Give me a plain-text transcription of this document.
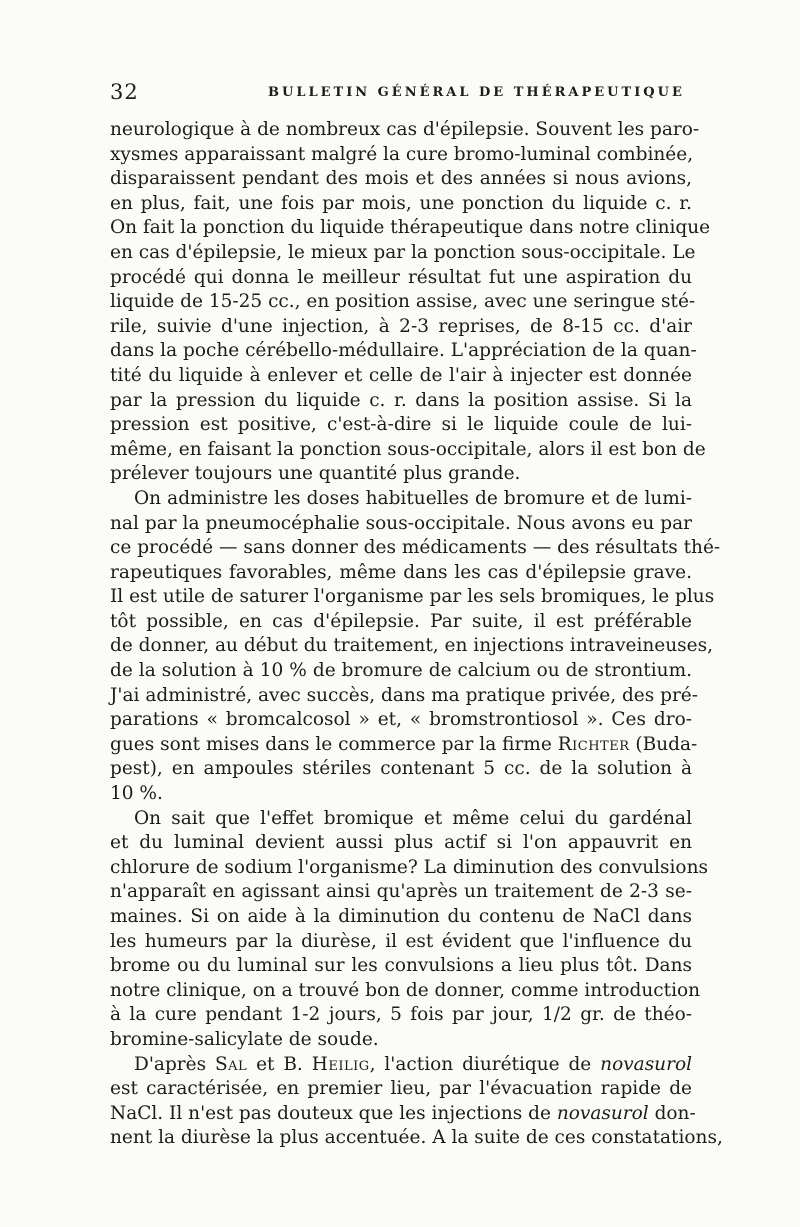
32	BULLETIN GÉNÉRAL DE THÉRAPEUTIQUE
neurologique à de nombreux cas d'épilepsie. Souvent les paro-
xysmes apparaissant malgré la cure bromo-luminal combinée,
disparaissent pendant des mois et des années si nous avions,
en plus, fait, une fois par mois, une ponction du liquide c. r.
On fait la ponction du liquide thérapeutique dans notre clinique
en cas d'épilepsie, le mieux par la ponction sous-occipitale. Le
procédé qui donna le meilleur résultat fut une aspiration du
liquide de 15-25 cc., en position assise, avec une seringue sté-
rile, suivie d'une injection, à 2-3 reprises, de 8-15 cc. d'air
dans la poche cérébello-médullaire. L'appréciation de la quan-
tité du liquide à enlever et celle de l'air à injecter est donnée
par la pression du liquide c. r. dans la position assise. Si la
pression est positive, c'est-à-dire si le liquide coule de lui-
même, en faisant la ponction sous-occipitale, alors il est bon de
prélever toujours une quantité plus grande.
On administre les doses habituelles de bromure et de lumi-
nal par la pneumocéphalie sous-occipitale. Nous avons eu par
ce procédé — sans donner des médicaments — des résultats thé-
rapeutiques favorables, même dans les cas d'épilepsie grave.
Il est utile de saturer l'organisme par les sels bromiques, le plus
tôt possible, en cas d'épilepsie. Par suite, il est préférable
de donner, au début du traitement, en injections intraveineuses,
de la solution à 10 % de bromure de calcium ou de strontium.
J'ai administré, avec succès, dans ma pratique privée, des pré-
parations « bromcalcosol » et, « bromstrontiosol ». Ces dro-
gues sont mises dans le commerce par la firme Richter (Buda-
pest), en ampoules stériles contenant 5 cc. de la solution à
10 %.
On sait que l'effet bromique et même celui du gardénal
et du luminal devient aussi plus actif si l'on appauvrit en
chlorure de sodium l'organisme? La diminution des convulsions
n'apparaît en agissant ainsi qu'après un traitement de 2-3 se-
maines. Si on aide à la diminution du contenu de NaCl dans
les humeurs par la diurèse, il est évident que l'influence du
brome ou du luminal sur les convulsions a lieu plus tôt. Dans
notre clinique, on a trouvé bon de donner, comme introduction
à la cure pendant 1-2 jours, 5 fois par jour, 1/2 gr. de théo-
bromine-salicylate de soude.
D'après Sal et B. Heilig, l'action diurétique de novasurol
est caractérisée, en premier lieu, par l'évacuation rapide de
NaCl. Il n'est pas douteux que les injections de novasurol don-
nent la diurèse la plus accentuée. A la suite de ces constatations,
